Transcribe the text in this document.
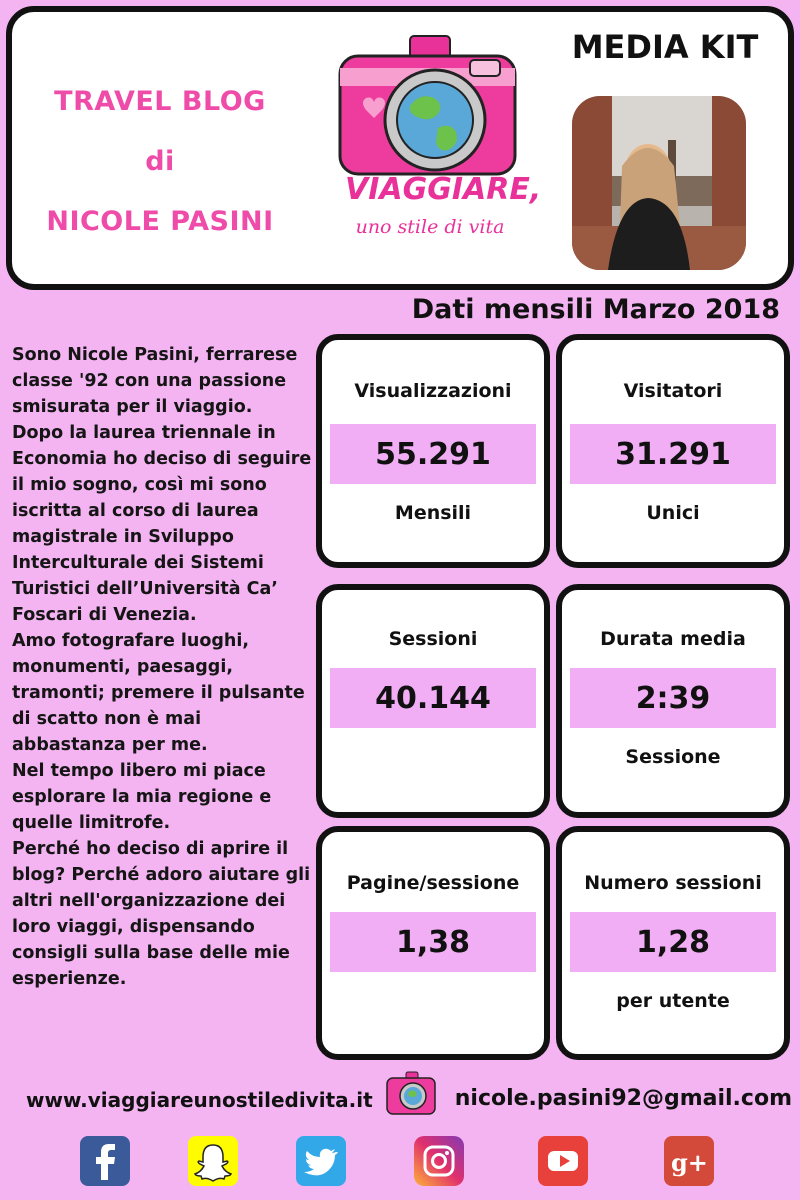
TRAVEL BLOG
di
NICOLE PASINI
VIAGGIARE,
uno stile di vita
MEDIA KIT
Dati mensili Marzo 2018

Sono Nicole Pasini, ferrarese classe '92 con una passione smisurata per il viaggio.

Dopo la laurea triennale in Economia ho deciso di seguire il mio sogno, così mi sono iscritta al corso di laurea magistrale in Sviluppo Interculturale dei Sistemi Turistici dell’Università Ca’ Foscari di Venezia.

Amo fotografare luoghi, monumenti, paesaggi, tramonti; premere il pulsante di scatto non è mai abbastanza per me.

Nel tempo libero mi piace esplorare la mia regione e quelle limitrofe.

Perché ho deciso di aprire il blog? Perché adoro aiutare gli altri nell'organizzazione dei loro viaggi, dispensando consigli sulla base delle mie esperienze.

Visualizzazioni
55.291
Mensili
Visitatori
31.291
Unici
Sessioni
40.144
Durata media
2:39
Sessione
Pagine/sessione
1,38
Numero sessioni
1,28
per utente
www.viaggiareunostiledivita.it	nicole.pasini92@gmail.com
g+
